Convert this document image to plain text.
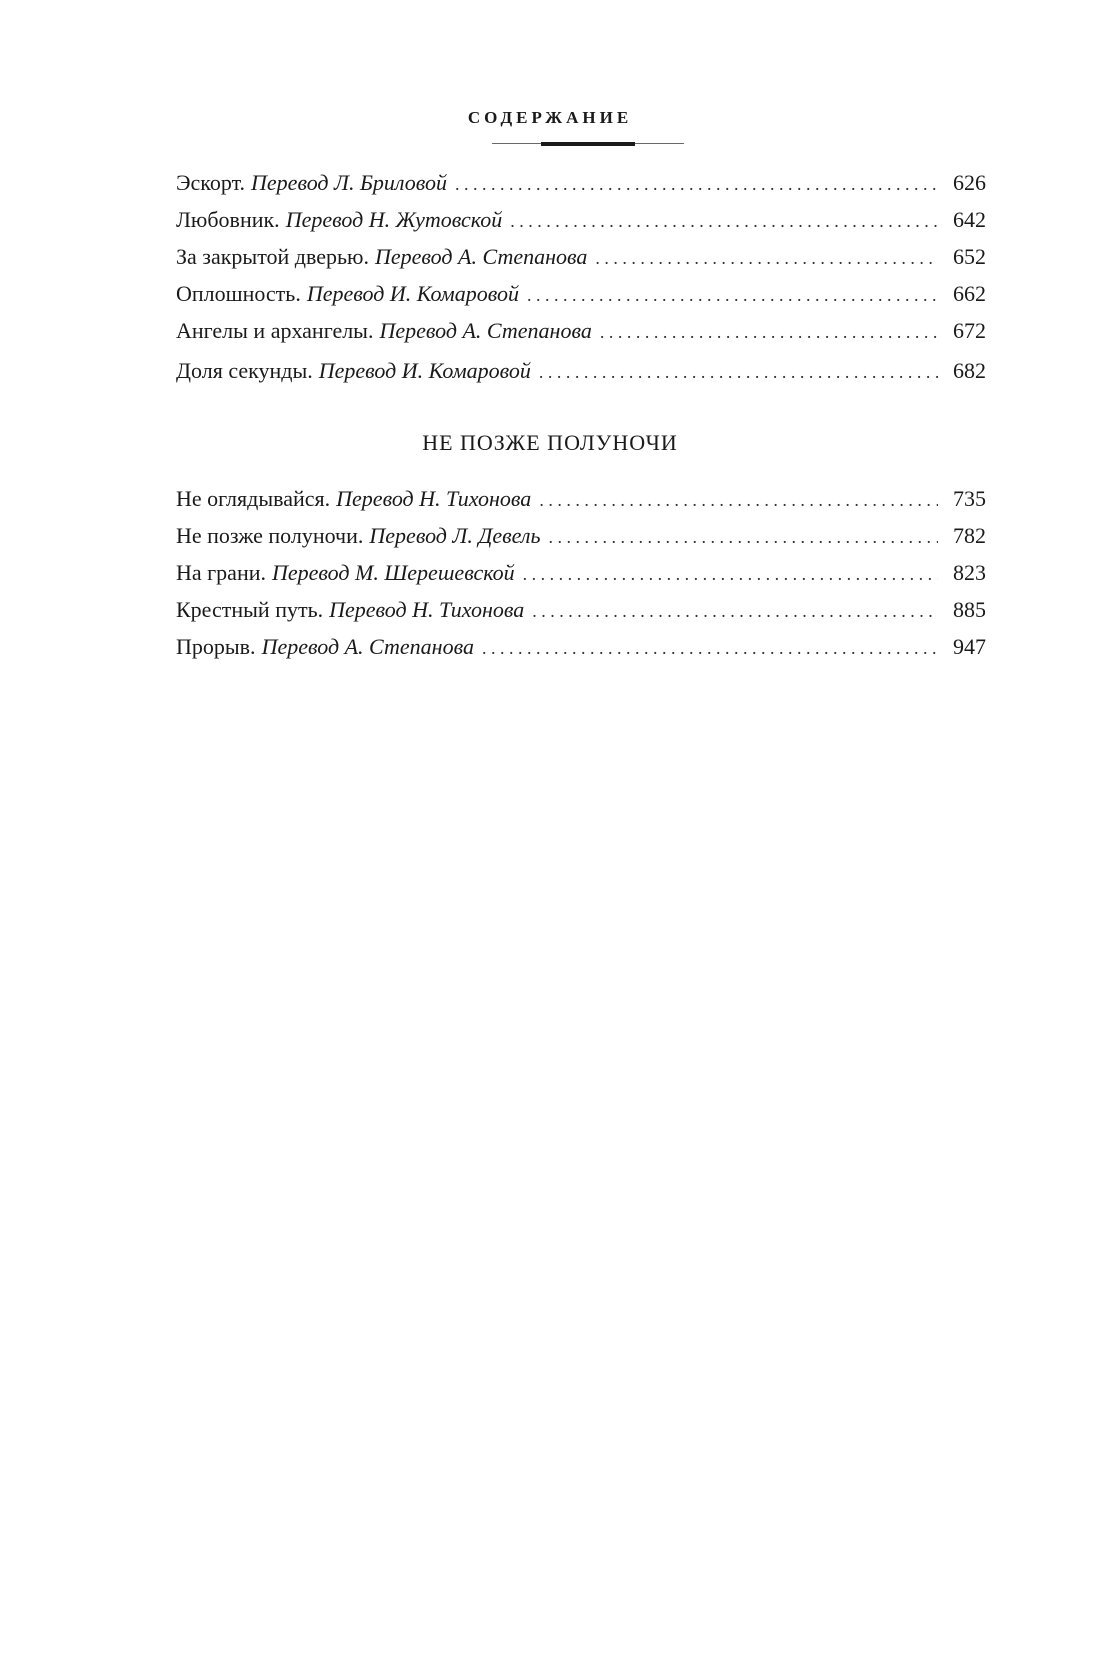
СОДЕРЖАНИЕ
Эскорт. Перевод Л. Бриловой . . .	626
Любовник. Перевод Н. Жутовской . . .	642
За закрытой дверью. Перевод А. Степанова . . .	652
Оплошность. Перевод И. Комаровой . . .	662
Ангелы и архангелы. Перевод А. Степанова . . .	672
Доля секунды. Перевод И. Комаровой . . .	682
НЕ ПОЗЖЕ ПОЛУНОЧИ
Не оглядывайся. Перевод Н. Тихонова . . .	735
Не позже полуночи. Перевод Л. Девель . . .	782
На грани. Перевод М. Шерешевской . . .	823
Крестный путь. Перевод Н. Тихонова . . .	885
Прорыв. Перевод А. Степанова . . .	947
